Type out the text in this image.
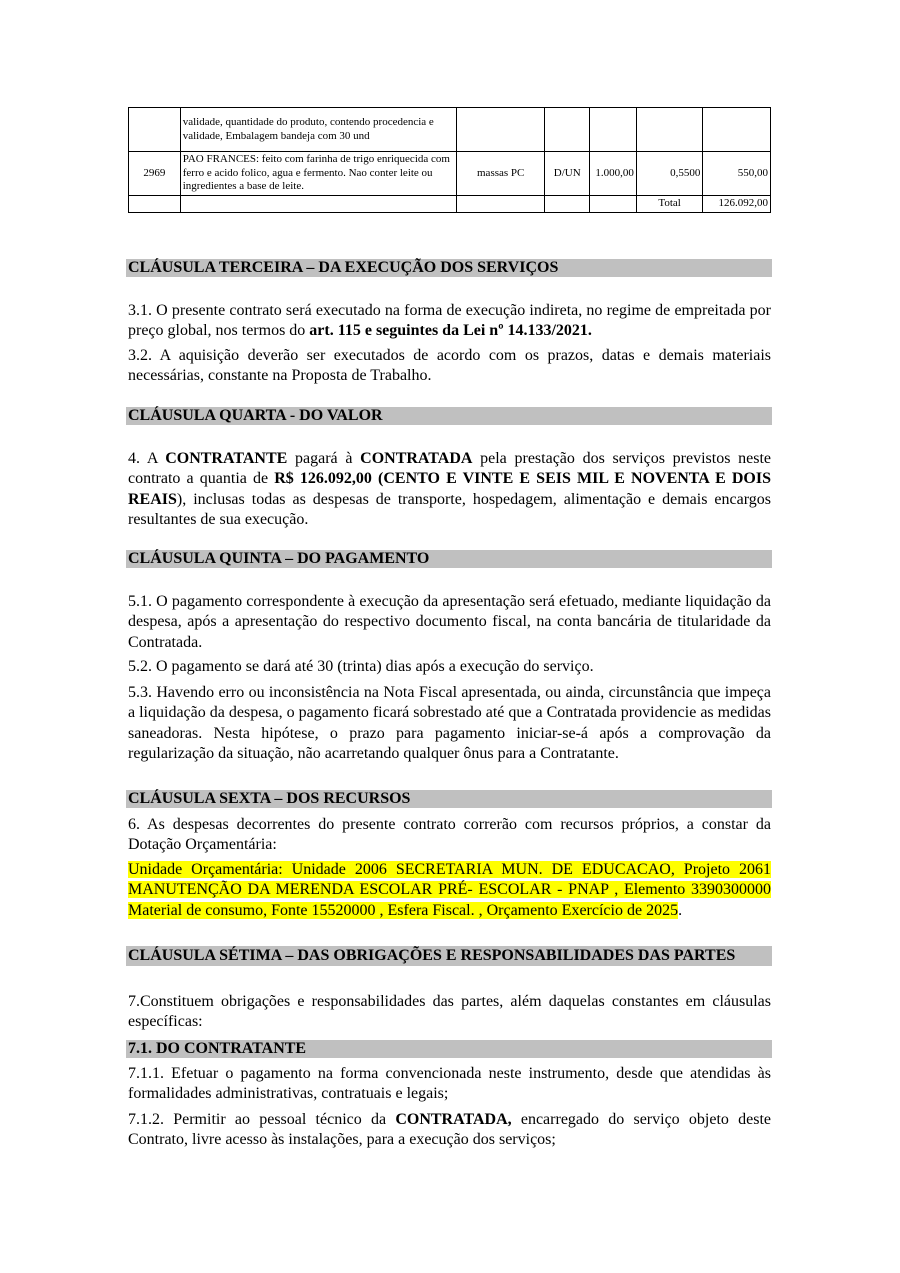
	validade, quantidade do produto, contendo procedencia e validade, Embalagem bandeja com 30 und					
2969	PAO FRANCES: feito com farinha de trigo enriquecida com ferro e acido folico, agua e fermento. Nao conter leite ou ingredientes a base de leite.	massas PC	D/UN	1.000,00	0,5500	550,00
					Total	126.092,00
CLÁUSULA TERCEIRA – DA EXECUÇÃO DOS SERVIÇOS
3.1. O presente contrato será executado na forma de execução indireta, no regime de empreitada por preço global, nos termos do art. 115 e seguintes da Lei nº 14.133/2021.
3.2. A aquisição deverão ser executados de acordo com os prazos, datas e demais materiais necessárias, constante na Proposta de Trabalho.
CLÁUSULA QUARTA - DO VALOR
4. A CONTRATANTE pagará à CONTRATADA pela prestação dos serviços previstos neste contrato a quantia de R$ 126.092,00 (CENTO E VINTE E SEIS MIL E NOVENTA E DOIS REAIS), inclusas todas as despesas de transporte, hospedagem, alimentação e demais encargos resultantes de sua execução.
CLÁUSULA QUINTA – DO PAGAMENTO
5.1. O pagamento correspondente à execução da apresentação será efetuado, mediante liquidação da despesa, após a apresentação do respectivo documento fiscal, na conta bancária de titularidade da Contratada.
5.2. O pagamento se dará até 30 (trinta) dias após a execução do serviço.
5.3. Havendo erro ou inconsistência na Nota Fiscal apresentada, ou ainda, circunstância que impeça a liquidação da despesa, o pagamento ficará sobrestado até que a Contratada providencie as medidas saneadoras. Nesta hipótese, o prazo para pagamento iniciar-se-á após a comprovação da regularização da situação, não acarretando qualquer ônus para a Contratante.
CLÁUSULA SEXTA – DOS RECURSOS
6. As despesas decorrentes do presente contrato correrão com recursos próprios, a constar da Dotação Orçamentária:
Unidade Orçamentária: Unidade 2006 SECRETARIA MUN. DE EDUCACAO, Projeto 2061 MANUTENÇÃO DA MERENDA ESCOLAR PRÉ- ESCOLAR - PNAP , Elemento 3390300000 Material de consumo, Fonte 15520000 , Esfera Fiscal. , Orçamento Exercício de 2025.
CLÁUSULA SÉTIMA – DAS OBRIGAÇÕES E RESPONSABILIDADES DAS PARTES
7.Constituem obrigações e responsabilidades das partes, além daquelas constantes em cláusulas específicas:
7.1. DO CONTRATANTE
7.1.1. Efetuar o pagamento na forma convencionada neste instrumento, desde que atendidas às formalidades administrativas, contratuais e legais;
7.1.2. Permitir ao pessoal técnico da CONTRATADA, encarregado do serviço objeto deste Contrato, livre acesso às instalações, para a execução dos serviços;
